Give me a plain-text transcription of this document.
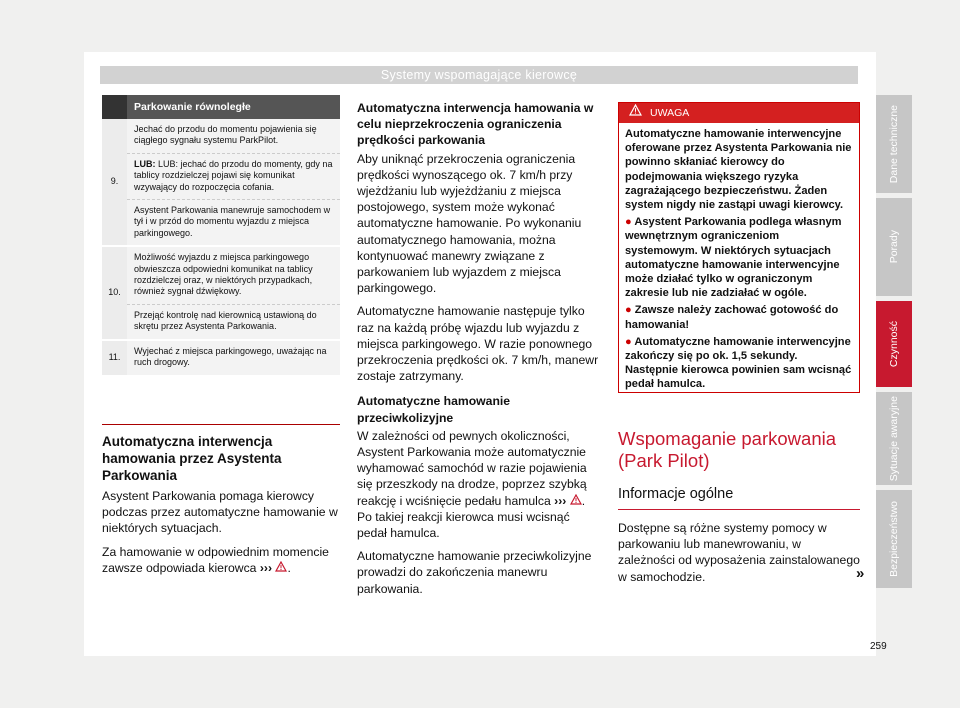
Systemy wspomagające kierowcę
Parkowanie równoległe
9.
Jechać do przodu do momentu pojawienia się ciągłego sygnału systemu ParkPilot.
LUB: LUB: jechać do przodu do momenty, gdy na tablicy rozdzielczej pojawi się komunikat wzywający do rozpoczęcia cofania.
Asystent Parkowania manewruje samochodem w tył i w przód do momentu wyjazdu z miejsca parkingowego.
10.
Możliwość wyjazdu z miejsca parkingowego obwieszcza odpowiedni komunikat na tablicy rozdzielczej oraz, w niektórych przypadkach, również sygnał dźwiękowy.
Przejąć kontrolę nad kierownicą ustawioną do skrętu przez Asystenta Parkowania.
11.
Wyjechać z miejsca parkingowego, uważając na ruch drogowy.
Automatyczna interwencja hamowania przez Asystenta Parkowania

Asystent Parkowania pomaga kierowcy podczas przez automatyczne hamowanie w niektórych sytuacjach.

Za hamowanie w odpowiednim momencie zawsze odpowiada kierowca ››› .

Automatyczna interwencja hamowania w celu nieprzekroczenia ograniczenia prędkości parkowania

Aby uniknąć przekroczenia ograniczenia prędkości wynoszącego ok. 7 km/h przy wjeżdżaniu lub wyjeżdżaniu z miejsca postojowego, system może wykonać automatyczne hamowanie. Po wykonaniu automatycznego hamowania, można kontynuować manewry związane z parkowaniem lub wyjazdem z miejsca parkingowego.

Automatyczne hamowanie następuje tylko raz na każdą próbę wjazdu lub wyjazdu z miejsca parkingowego. W razie ponownego przekroczenia prędkości ok. 7 km/h, manewr zostaje zatrzymany.

Automatyczne hamowanie przeciwkolizyjne

W zależności od pewnych okoliczności, Asystent Parkowania może automatycznie wyhamować samochód w razie pojawienia się przeszkody na drodze, poprzez szybką reakcję i wciśnięcie pedału hamulca ››› . Po takiej reakcji kierowca musi wcisnąć pedał hamulca.

Automatyczne hamowanie przeciwkolizyjne prowadzi do zakończenia manewru parkowania.

UWAGA
Automatyczne hamowanie interwencyjne oferowane przez Asystenta Parkowania nie powinno skłaniać kierowcy do podejmowania większego ryzyka zagrażającego bezpieczeństwu. Żaden system nigdy nie zastąpi uwagi kierowcy.
● Asystent Parkowania podlega własnym wewnętrznym ograniczeniom systemowym. W niektórych sytuacjach automatyczne hamowanie interwencyjne może działać tylko w ograniczonym zakresie lub nie zadziałać w ogóle.
● Zawsze należy zachować gotowość do hamowania!
● Automatyczne hamowanie interwencyjne zakończy się po ok. 1,5 sekundy. Następnie kierowca powinien sam wcisnąć pedał hamulca.
Wspomaganie parkowania (Park Pilot)
Informacje ogólne

Dostępne są różne systemy pomocy w parkowaniu lub manewrowaniu, w zależności od wyposażenia zainstalowanego w samochodzie.	»
Dane techniczne
Porady
Czynność
Sytuacje awaryjne
Bezpieczeństwo
259
